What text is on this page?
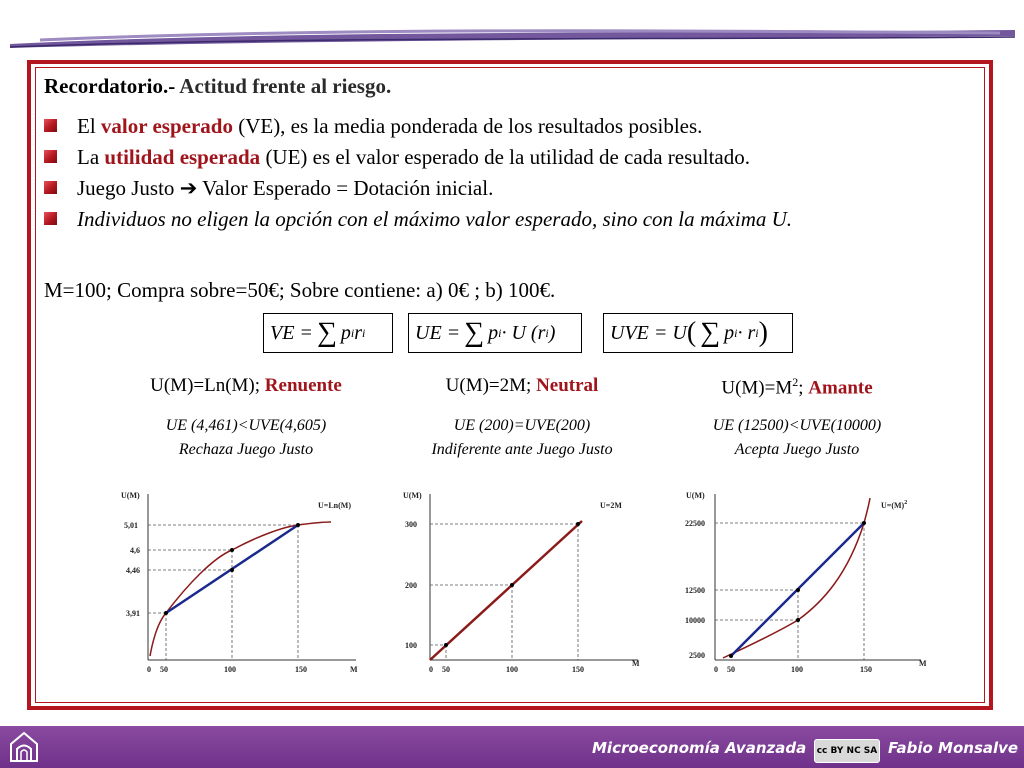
Recordatorio.- Actitud frente al riesgo.
El valor esperado (VE), es la media ponderada de los resultados posibles.
La utilidad esperada (UE) es el valor esperado de la utilidad de cada resultado.
Juego Justo ➔ Valor Esperado = Dotación inicial.
Individuos no eligen la opción con el máximo valor esperado, sino con la máxima U.
M=100; Compra sobre=50€; Sobre contiene: a) 0€ ; b) 100€.
VE = ∑ p i r i UE = ∑ p i · U (r i )	UVE = U ( ∑ p i · r i )
U(M)=Ln(M); Renuente	U(M)=2M; Neutral	$U(M)=M^2$; Amante
UE (4,461)<UVE(4,605)
Rechaza Juego Justo
UE (200)=UVE(200)
Indiferente ante Juego Justo
UE (12500)<UVE(10000)
Acepta Juego Justo
U(M)
M
U=Ln(M)
0 50	100	150
5,01
4,6
4,46
3,91
U(M)
M
U=2M
0 50	100	150
300
200
100
U(M)
M
$U=(M)^2$
0 50	100	150
22500
12500
10000
2500
Microeconomía Avanzada	Fabio Monsalve
cc BY NC SA
